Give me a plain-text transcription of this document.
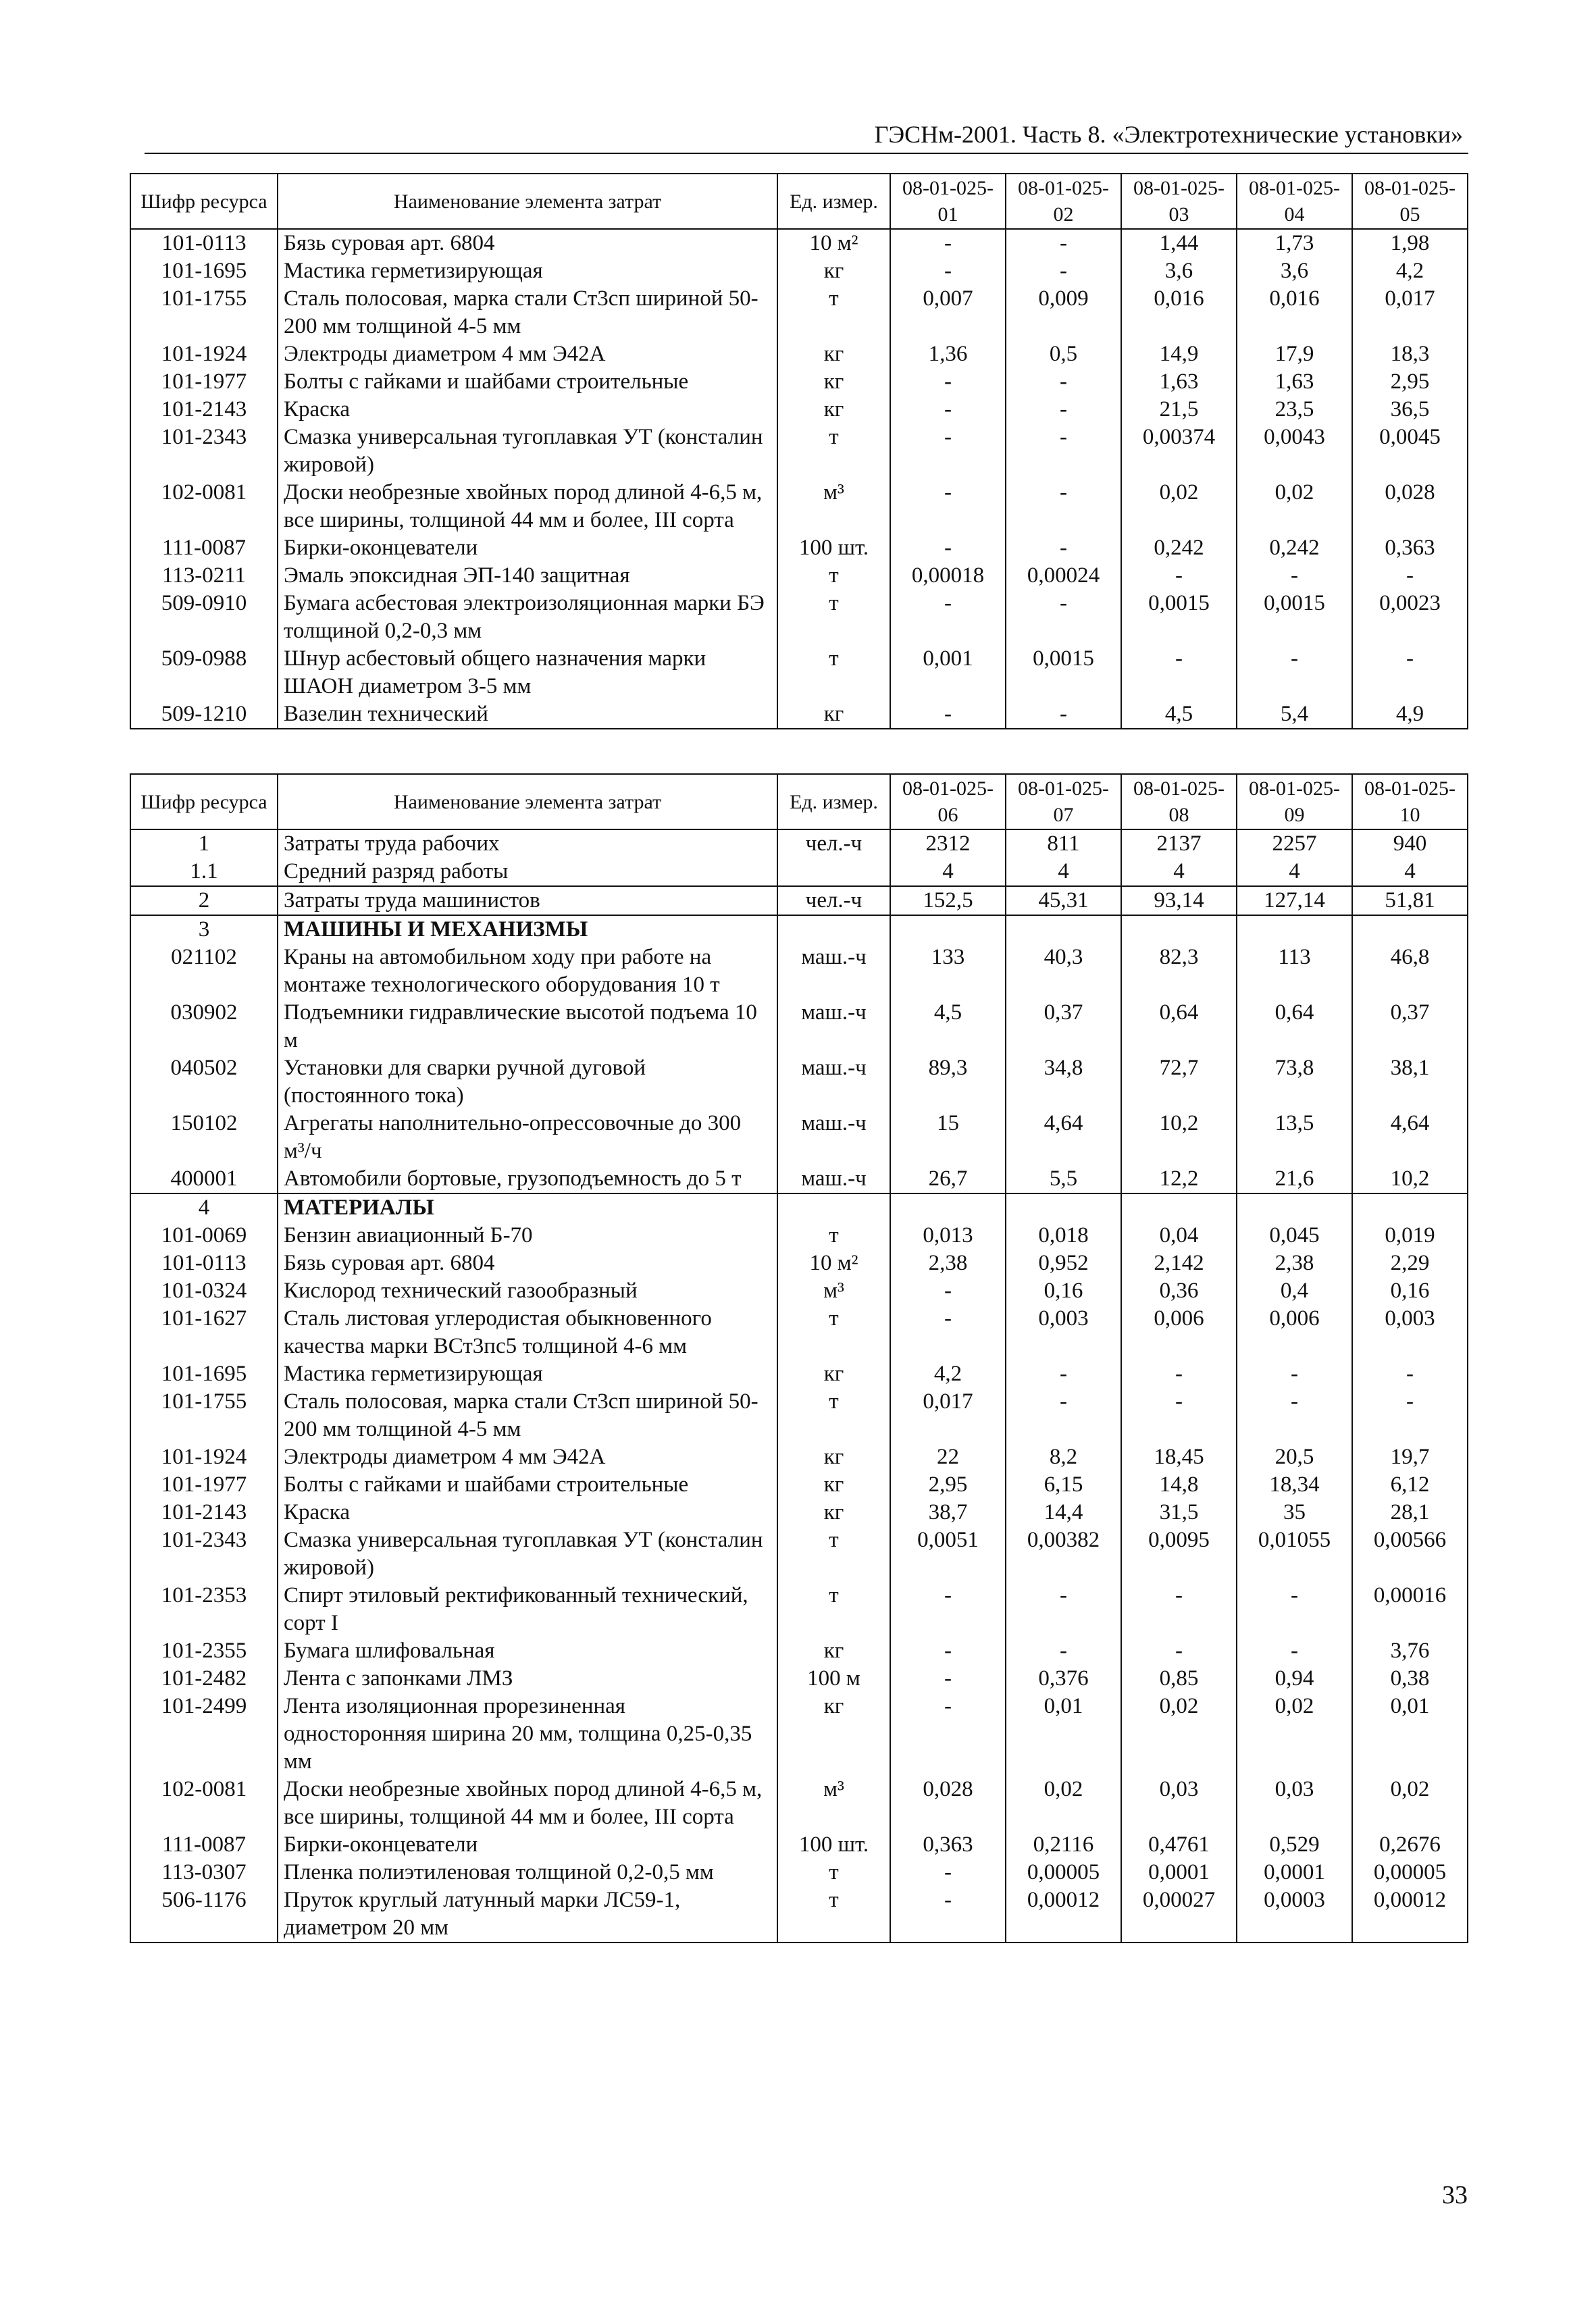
ГЭСНм-2001. Часть 8. «Электротехнические установки»
Шифр ресурса	Наименование элемента затрат	Ед. измер.	08-01-025-01	08-01-025-02	08-01-025-03	08-01-025-04	08-01-025-05
101-0113	Бязь суровая арт. 6804	10 м²	-	-	1,44	1,73	1,98
101-1695	Мастика герметизирующая	кг	-	-	3,6	3,6	4,2
101-1755	Сталь полосовая, марка стали Ст3сп шириной 50-200 мм толщиной 4-5 мм	т	0,007	0,009	0,016	0,016	0,017
101-1924	Электроды диаметром 4 мм Э42А	кг	1,36	0,5	14,9	17,9	18,3
101-1977	Болты с гайками и шайбами строительные	кг	-	-	1,63	1,63	2,95
101-2143	Краска	кг	-	-	21,5	23,5	36,5
101-2343	Смазка универсальная тугоплавкая УТ (консталин жировой)	т	-	-	0,00374	0,0043	0,0045
102-0081	Доски необрезные хвойных пород длиной 4-6,5 м, все ширины, толщиной 44 мм и более, III сорта	м³	-	-	0,02	0,02	0,028
111-0087	Бирки-оконцеватели	100 шт.	-	-	0,242	0,242	0,363
113-0211	Эмаль эпоксидная ЭП-140 защитная	т	0,00018	0,00024	-	-	-
509-0910	Бумага асбестовая электроизоляционная марки БЭ толщиной 0,2-0,3 мм	т	-	-	0,0015	0,0015	0,0023
509-0988	Шнур асбестовый общего назначения марки ШАОН диаметром 3-5 мм	т	0,001	0,0015	-	-	-
509-1210	Вазелин технический	кг	-	-	4,5	5,4	4,9
Шифр ресурса	Наименование элемента затрат	Ед. измер.	08-01-025-06	08-01-025-07	08-01-025-08	08-01-025-09	08-01-025-10
1	Затраты труда рабочих	чел.-ч	2312	811	2137	2257	940
1.1	Средний разряд работы		4	4	4	4	4
2	Затраты труда машинистов	чел.-ч	152,5	45,31	93,14	127,14	51,81
3	МАШИНЫ И МЕХАНИЗМЫ						
021102	Краны на автомобильном ходу при работе на монтаже технологического оборудования 10 т	маш.-ч	133	40,3	82,3	113	46,8
030902	Подъемники гидравлические высотой подъема 10 м	маш.-ч	4,5	0,37	0,64	0,64	0,37
040502	Установки для сварки ручной дуговой (постоянного тока)	маш.-ч	89,3	34,8	72,7	73,8	38,1
150102	Агрегаты наполнительно-опрессовочные до 300 м³/ч	маш.-ч	15	4,64	10,2	13,5	4,64
400001	Автомобили бортовые, грузоподъемность до 5 т	маш.-ч	26,7	5,5	12,2	21,6	10,2
4	МАТЕРИАЛЫ						
101-0069	Бензин авиационный Б-70	т	0,013	0,018	0,04	0,045	0,019
101-0113	Бязь суровая арт. 6804	10 м²	2,38	0,952	2,142	2,38	2,29
101-0324	Кислород технический газообразный	м³	-	0,16	0,36	0,4	0,16
101-1627	Сталь листовая углеродистая обыкновенного качества марки ВСт3пс5 толщиной 4-6 мм	т	-	0,003	0,006	0,006	0,003
101-1695	Мастика герметизирующая	кг	4,2	-	-	-	-
101-1755	Сталь полосовая, марка стали Ст3сп шириной 50-200 мм толщиной 4-5 мм	т	0,017	-	-	-	-
101-1924	Электроды диаметром 4 мм Э42А	кг	22	8,2	18,45	20,5	19,7
101-1977	Болты с гайками и шайбами строительные	кг	2,95	6,15	14,8	18,34	6,12
101-2143	Краска	кг	38,7	14,4	31,5	35	28,1
101-2343	Смазка универсальная тугоплавкая УТ (консталин жировой)	т	0,0051	0,00382	0,0095	0,01055	0,00566
101-2353	Спирт этиловый ректификованный технический, сорт I	т	-	-	-	-	0,00016
101-2355	Бумага шлифовальная	кг	-	-	-	-	3,76
101-2482	Лента с запонками ЛМЗ	100 м	-	0,376	0,85	0,94	0,38
101-2499	Лента изоляционная прорезиненная односторонняя ширина 20 мм, толщина 0,25-0,35 мм	кг	-	0,01	0,02	0,02	0,01
102-0081	Доски необрезные хвойных пород длиной 4-6,5 м, все ширины, толщиной 44 мм и более, III сорта	м³	0,028	0,02	0,03	0,03	0,02
111-0087	Бирки-оконцеватели	100 шт.	0,363	0,2116	0,4761	0,529	0,2676
113-0307	Пленка полиэтиленовая толщиной 0,2-0,5 мм	т	-	0,00005	0,0001	0,0001	0,00005
506-1176	Пруток круглый латунный марки ЛС59-1, диаметром 20 мм	т	-	0,00012	0,00027	0,0003	0,00012
33
